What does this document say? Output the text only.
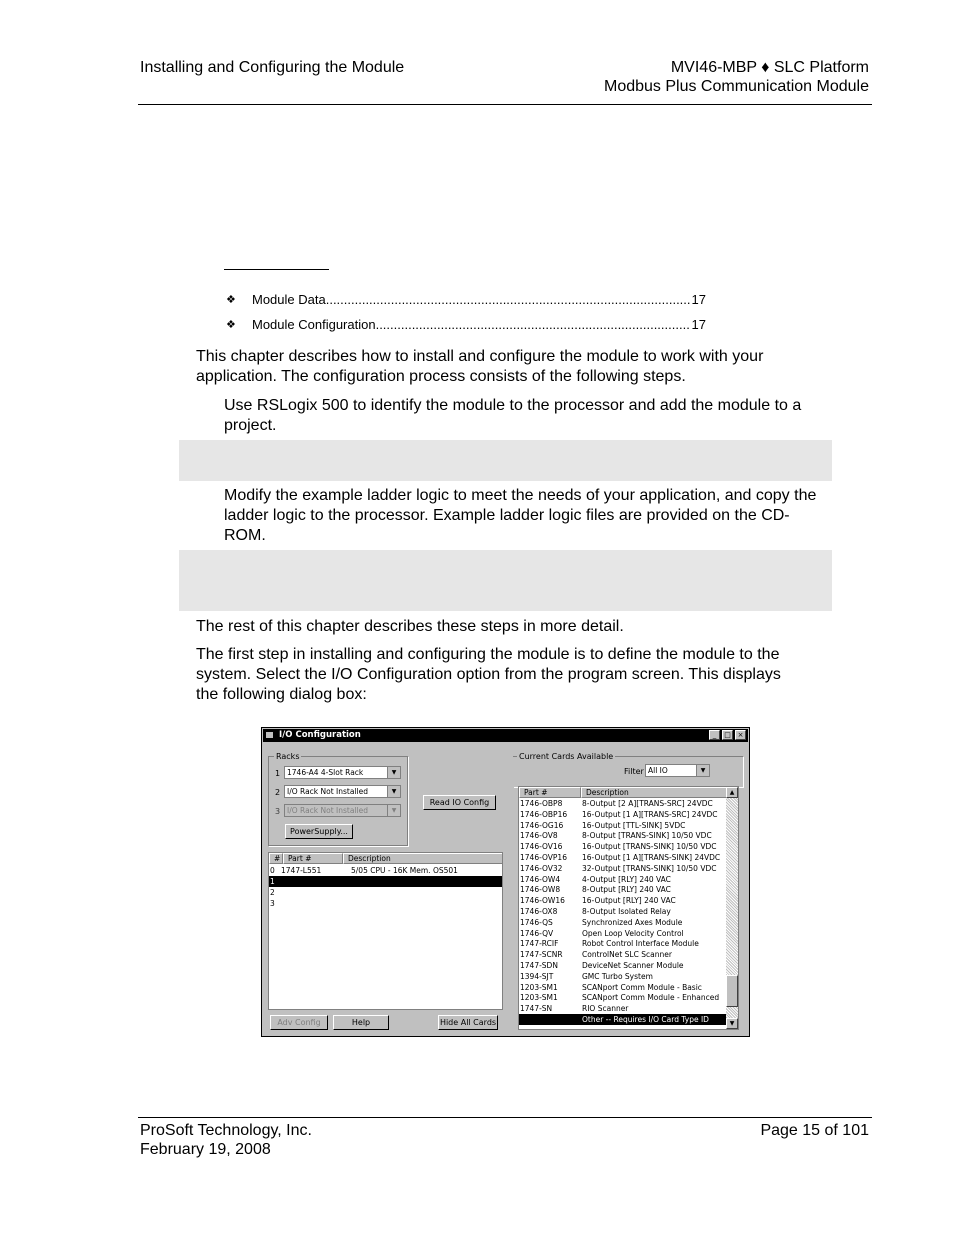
Installing and Configuring the Module	MVI46-MBP ♦ SLC Platform
Modbus Plus Communication Module
❖	Module Data .....	17
❖	Module Configuration .....	17
This chapter describes how to install and configure the module to work with your application. The configuration process consists of the following steps.
Use RSLogix 500 to identify the module to the processor and add the module to a project.
Modify the example ladder logic to meet the needs of your application, and copy the ladder logic to the processor. Example ladder logic files are provided on the CD-ROM.
The rest of this chapter describes these steps in more detail.
The first step in installing and configuring the module is to define the module to the system. Select the I/O Configuration option from the program screen. This displays the following dialog box:
I/O Configuration	_	□ ×
Racks
1 1746-A4 4-Slot Rack	▼
2 I/O Rack Not Installed	▼
3 I/O Rack Not Installed	▼
PowerSupply...
Read IO Config
#	Part #	Description
0 1747-L551	5/05 CPU - 16K Mem. OS501
1
2
3
Adv Config	Help	Hide All Cards
Current Cards Available
Filter All IO	▼
Part #	Description
1746-OBP8	8-Output [2 A][TRANS-SRC] 24VDC
1746-OBP16 16-Output [1 A][TRANS-SRC] 24VDC
1746-OG16 16-Output [TTL-SINK] 5VDC
1746-OV8	8-Output [TRANS-SINK] 10/50 VDC
1746-OV16	16-Output [TRANS-SINK] 10/50 VDC
1746-OVP16 16-Output [1 A][TRANS-SINK] 24VDC
1746-OV32	32-Output [TRANS-SINK] 10/50 VDC
1746-OW4	4-Output [RLY] 240 VAC
1746-OW8	8-Output [RLY] 240 VAC
1746-OW16 16-Output [RLY] 240 VAC
1746-OX8	8-Output Isolated Relay
1746-QS	Synchronized Axes Module
1746-QV	Open Loop Velocity Control
1747-RCIF	Robot Control Interface Module
1747-SCNR	ControlNet SLC Scanner
1747-SDN	DeviceNet Scanner Module
1394-SJT	GMC Turbo System
1203-SM1	SCANport Comm Module - Basic
1203-SM1	SCANport Comm Module - Enhanced
1747-SN	RIO Scanner
Other -- Requires I/O Card Type ID
▲
▼
ProSoft Technology, Inc.
February 19, 2008
Page 15 of 101
